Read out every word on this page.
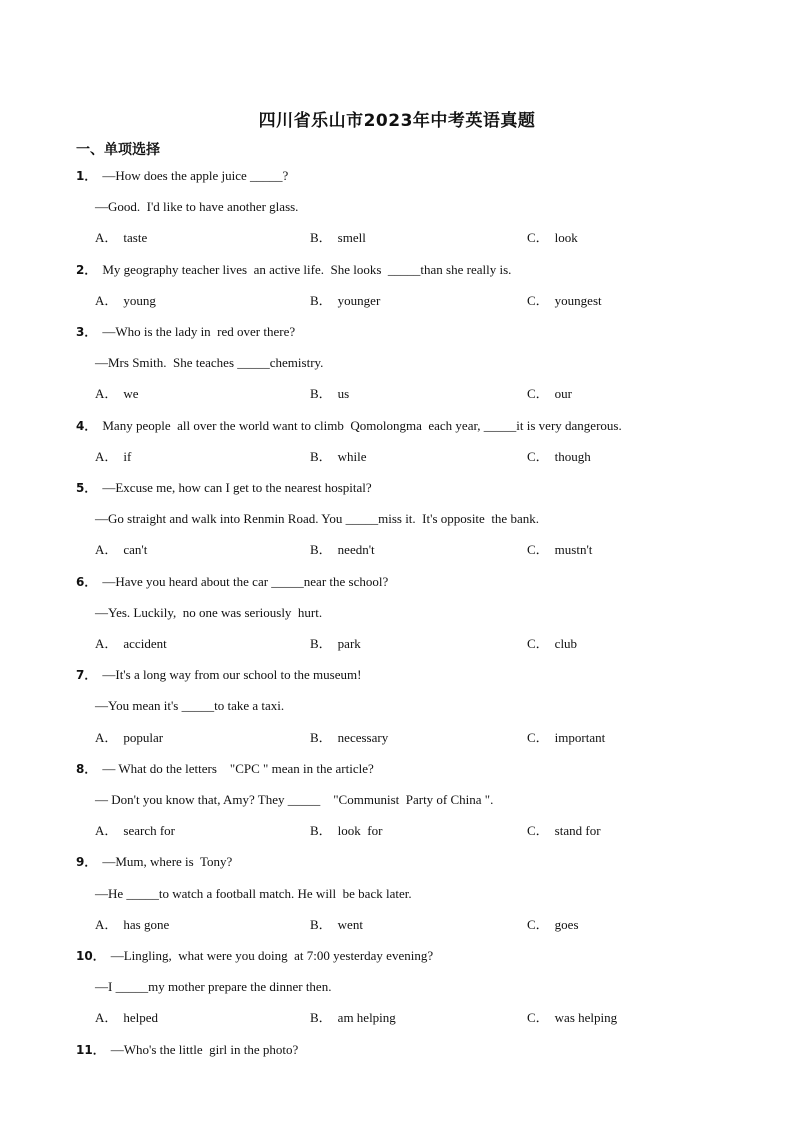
四川省乐山市2023年中考英语真题
一、单项选择
1． —How does the apple juice _____?
—Good.  I'd like to have another glass.
A． taste	B． smell	C． look
2． My geography teacher lives  an active life.  She looks  _____than she really is.
A． young	B． younger	C． youngest
3． —Who is the lady in  red over there?
—Mrs Smith.  She teaches _____chemistry.
A． we	B． us	C． our
4． Many people  all over the world want to climb  Qomolongma  each year, _____it is very dangerous.
A． if	B． while	C． though
5． —Excuse me, how can I get to the nearest hospital?
—Go straight and walk into Renmin Road. You _____miss it.  It's opposite  the bank.
A． can't	B． needn't	C． mustn't
6． —Have you heard about the car _____near the school?
—Yes. Luckily,  no one was seriously  hurt.
A． accident	B． park	C． club
7． —It's a long way from our school to the museum!
—You mean it's _____to take a taxi.
A． popular	B． necessary	C． important
8． — What do the letters    "CPC " mean in the article?
— Don't you know that, Amy? They _____    "Communist  Party of China ".
A． search for	B． look  for	C． stand for
9． —Mum, where is  Tony?
—He _____to watch a football match. He will  be back later.
A． has gone	B． went	C． goes
10． —Lingling,  what were you doing  at 7:00 yesterday evening?
—I _____my mother prepare the dinner then.
A． helped	B． am helping	C． was helping
11． —Who's the little  girl in the photo?
